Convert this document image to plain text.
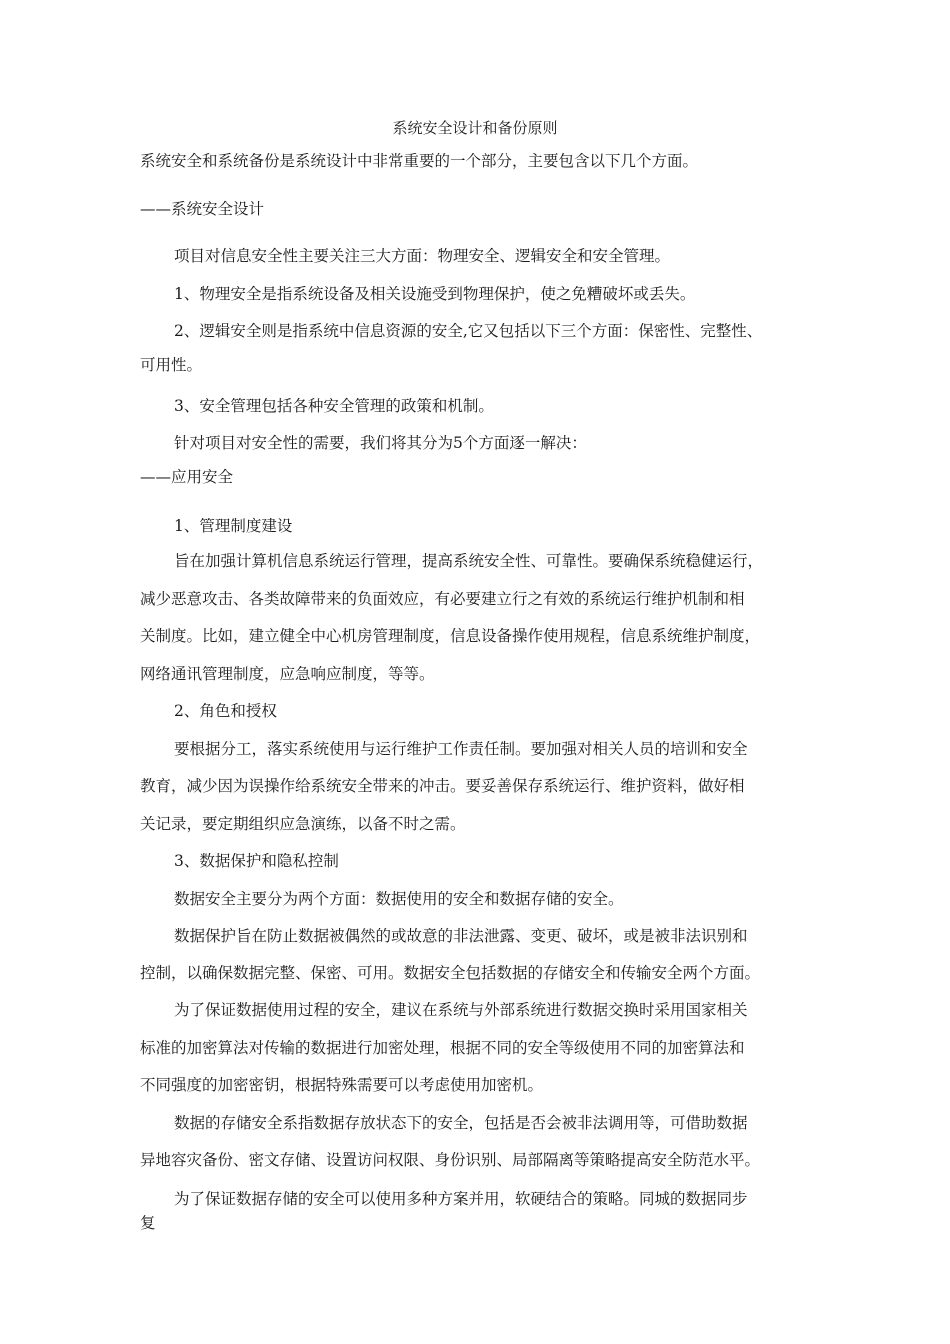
系统安全设计和备份原则
系统安全和系统备份是系统设计中非常重要的一个部分，主要包含以下几个方面。
——系统安全设计
项目对信息安全性主要关注三大方面：物理安全、逻辑安全和安全管理。
1、物理安全是指系统设备及相关设施受到物理保护，使之免糟破坏或丢失。
2、逻辑安全则是指系统中信息资源的安全,它又包括以下三个方面：保密性、完整性、
可用性。
3、安全管理包括各种安全管理的政策和机制。
针对项目对安全性的需要，我们将其分为5个方面逐一解决：
——应用安全
1、管理制度建设
旨在加强计算机信息系统运行管理，提高系统安全性、可靠性。要确保系统稳健运行，
减少恶意攻击、各类故障带来的负面效应，有必要建立行之有效的系统运行维护机制和相
关制度。比如，建立健全中心机房管理制度，信息设备操作使用规程，信息系统维护制度，
网络通讯管理制度，应急响应制度，等等。
2、角色和授权
要根据分工，落实系统使用与运行维护工作责任制。要加强对相关人员的培训和安全
教育，减少因为误操作给系统安全带来的冲击。要妥善保存系统运行、维护资料，做好相
关记录，要定期组织应急演练，以备不时之需。
3、数据保护和隐私控制
数据安全主要分为两个方面：数据使用的安全和数据存储的安全。
数据保护旨在防止数据被偶然的或故意的非法泄露、变更、破坏，或是被非法识别和
控制，以确保数据完整、保密、可用。数据安全包括数据的存储安全和传输安全两个方面。
为了保证数据使用过程的安全，建议在系统与外部系统进行数据交换时采用国家相关
标准的加密算法对传输的数据进行加密处理，根据不同的安全等级使用不同的加密算法和
不同强度的加密密钥，根据特殊需要可以考虑使用加密机。
数据的存储安全系指数据存放状态下的安全，包括是否会被非法调用等，可借助数据
异地容灾备份、密文存储、设置访问权限、身份识别、局部隔离等策略提高安全防范水平。
为了保证数据存储的安全可以使用多种方案并用，软硬结合的策略。同城的数据同步
复
